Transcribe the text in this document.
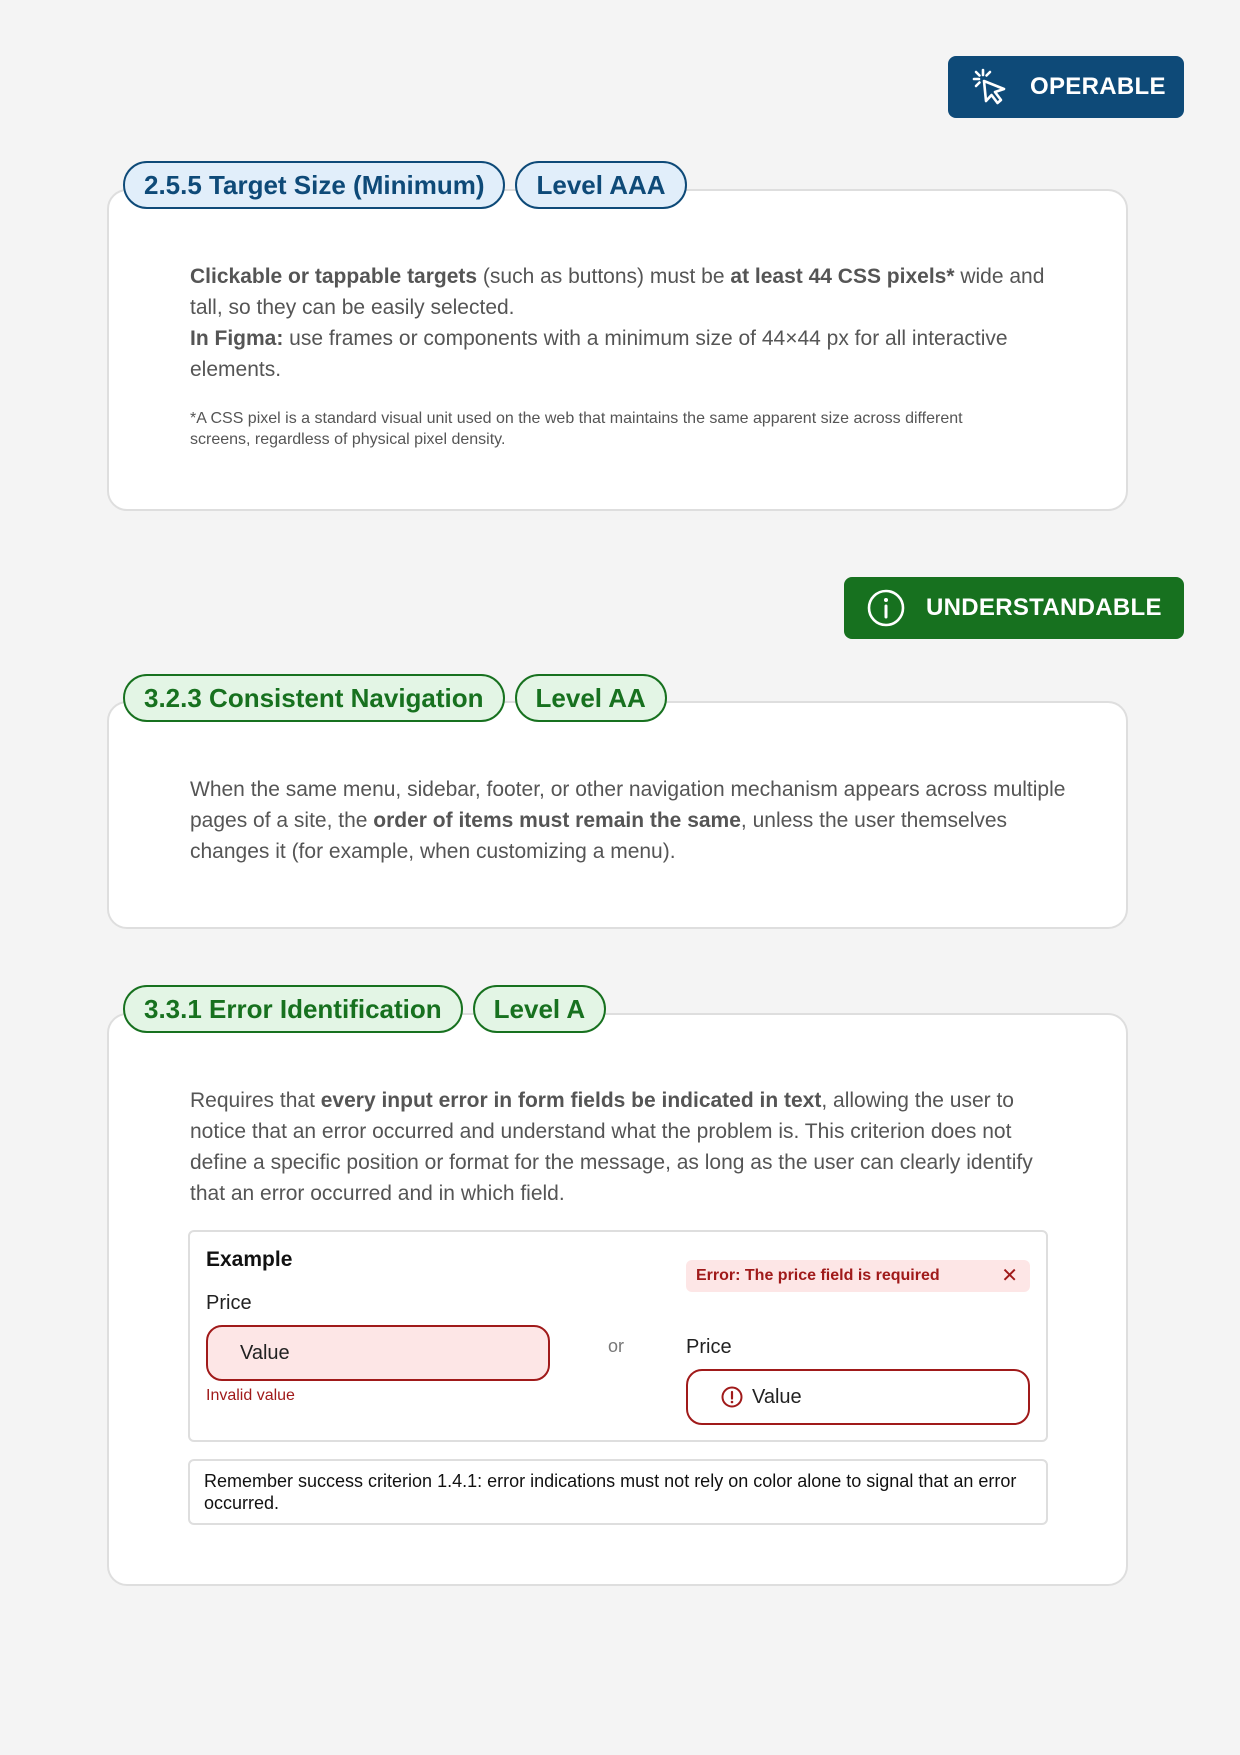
OPERABLE
2.5.5 Target Size (Minimum)	Level AAA

Clickable or tappable targets (such as buttons) must be at least 44 CSS pixels* wide and tall, so they can be easily selected.

In Figma: use frames or components with a minimum size of 44×44 px for all interactive elements.

*A CSS pixel is a standard visual unit used on the web that maintains the same apparent size across different screens, regardless of physical pixel density.

UNDERSTANDABLE
3.2.3 Consistent Navigation	Level AA

When the same menu, sidebar, footer, or other navigation mechanism appears across multiple pages of a site, the order of items must remain the same, unless the user themselves changes it (for example, when customizing a menu).

3.3.1 Error Identification	Level A

Requires that every input error in form fields be indicated in text, allowing the user to notice that an error occurred and understand what the problem is. This criterion does not define a specific position or format for the message, as long as the user can clearly identify that an error occurred and in which field.

Example
Price
Value
Invalid value
or
Error: The price field is required	✕
Price
Value
Remember success criterion 1.4.1: error indications must not rely on color alone to signal that an error occurred.
